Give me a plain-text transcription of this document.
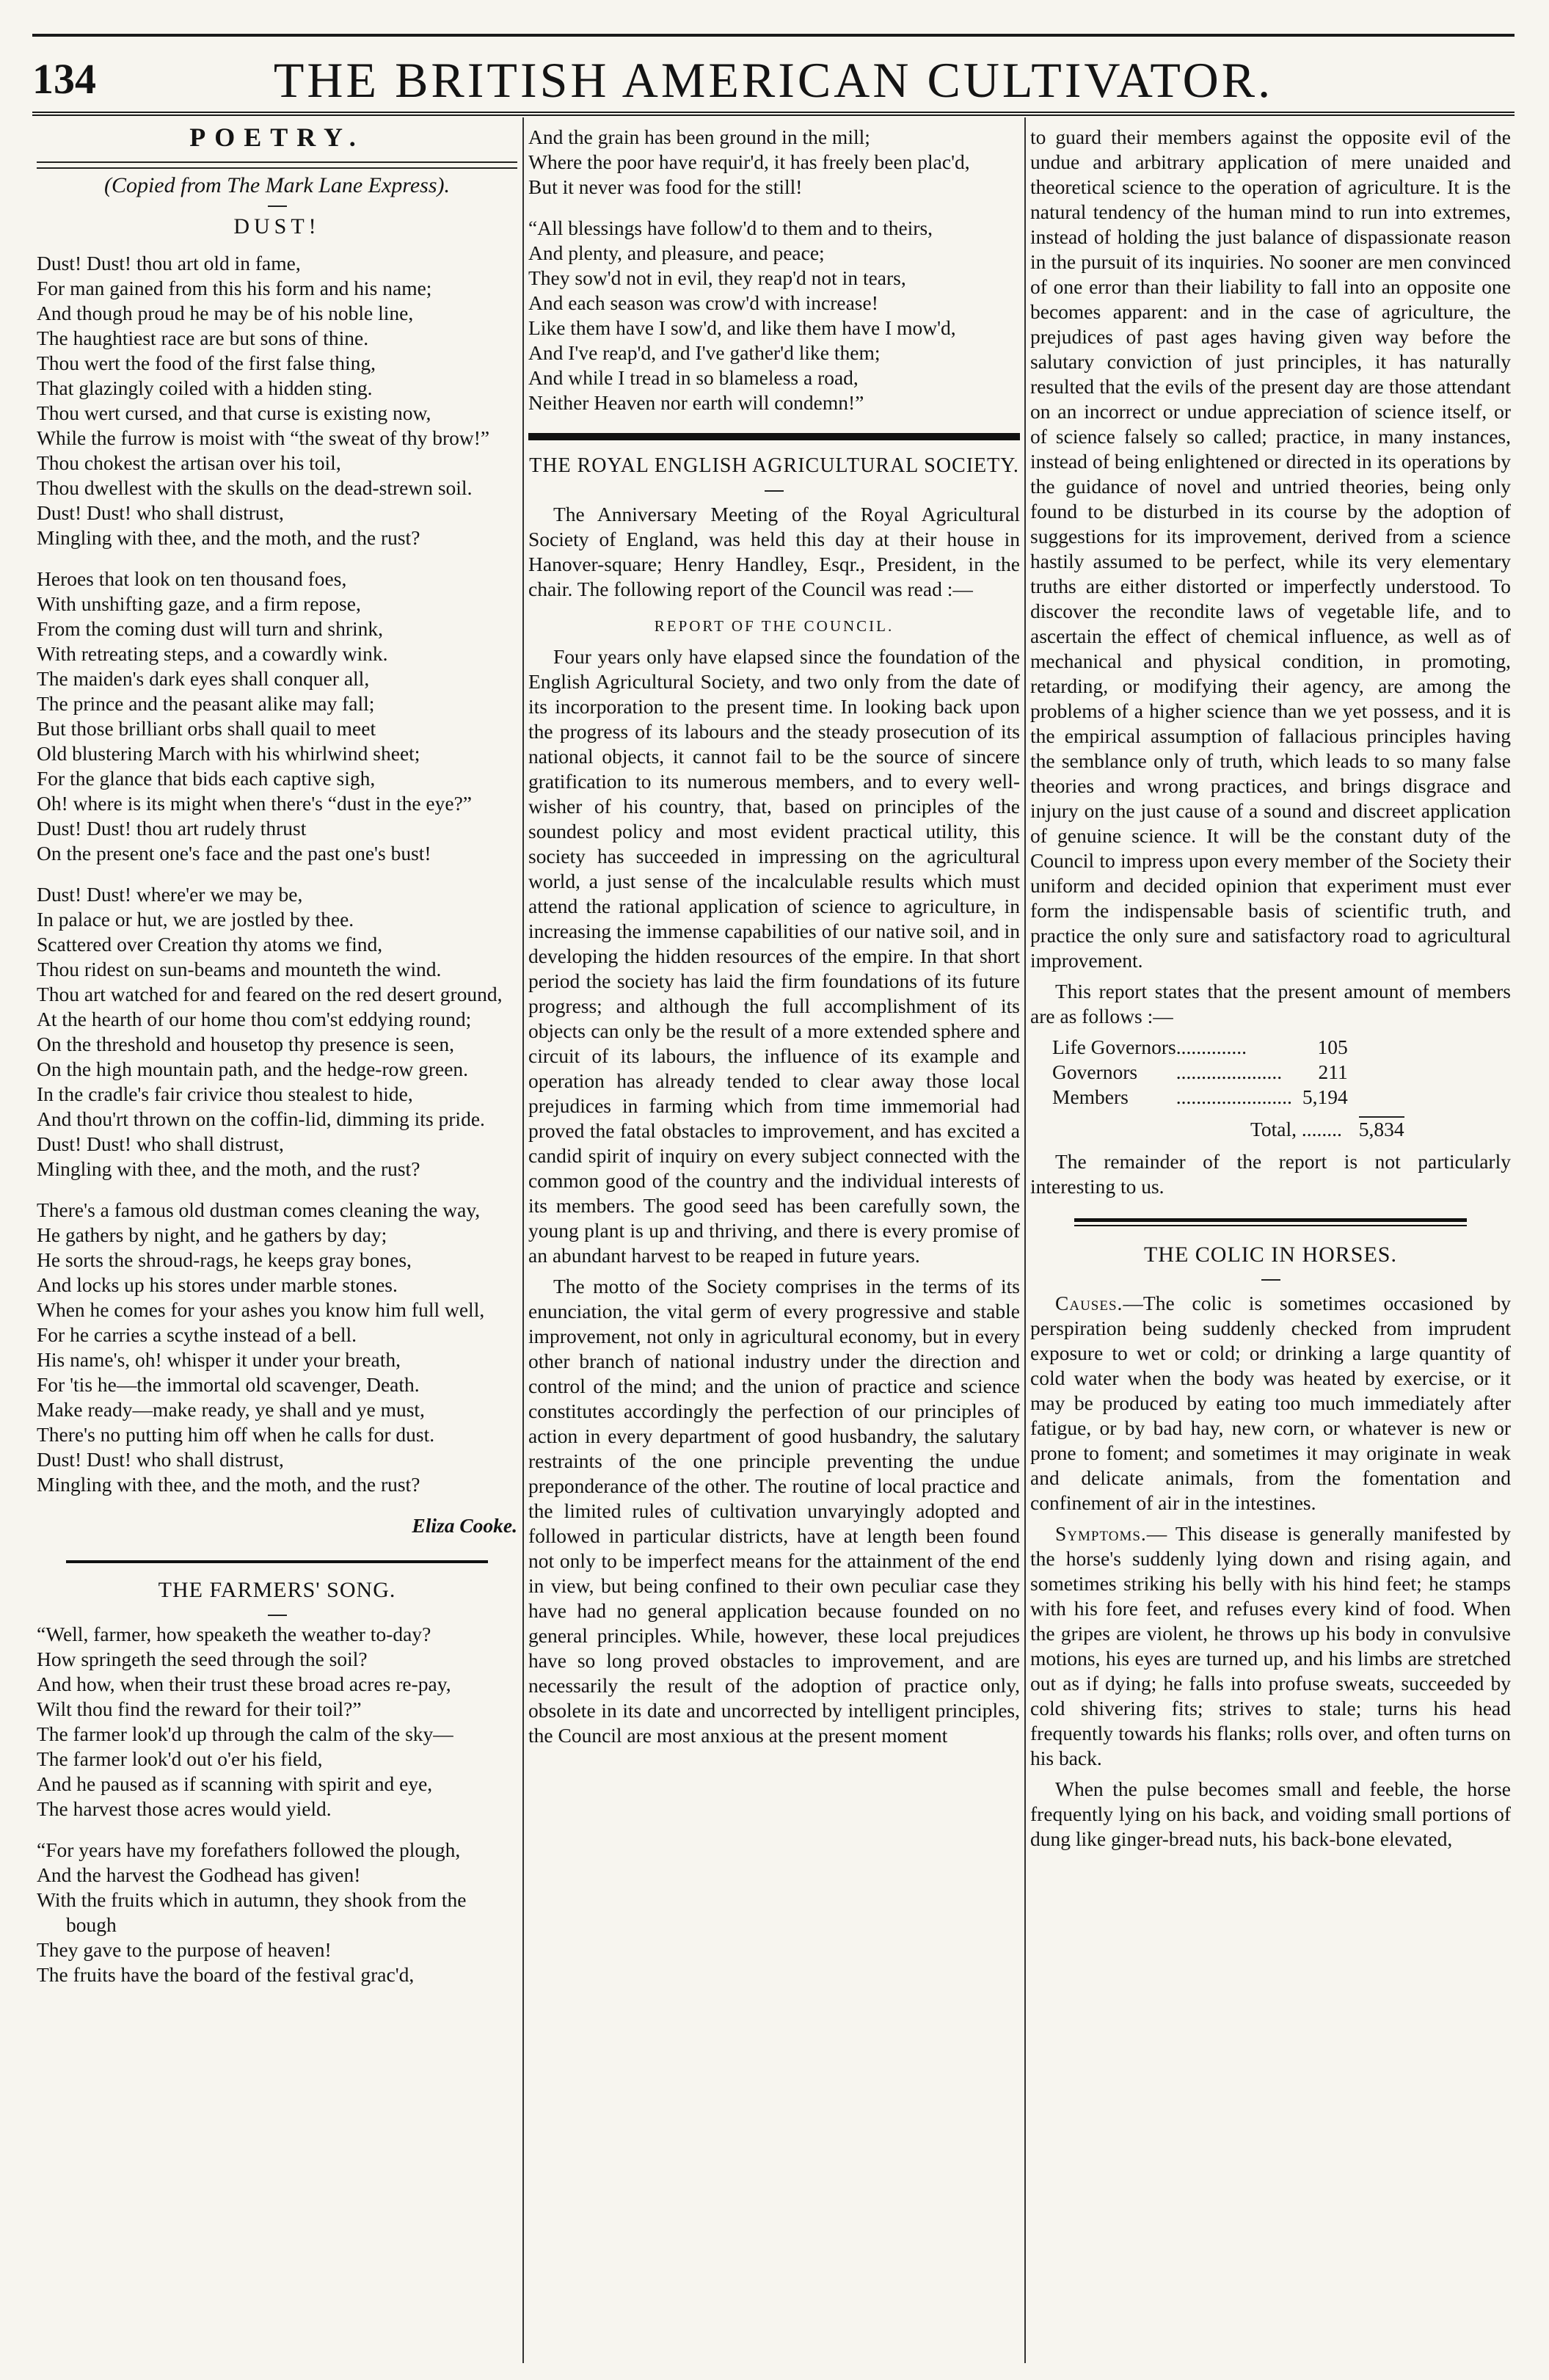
134	THE BRITISH AMERICAN CULTIVATOR.
POETRY.
(Copied from The Mark Lane Express).
DUST!
Dust! Dust! thou art old in fame,
For man gained from this his form and his name;
And though proud he may be of his noble line,
The haughtiest race are but sons of thine.
Thou wert the food of the first false thing,
That glazingly coiled with a hidden sting.
Thou wert cursed, and that curse is existing now,
While the furrow is moist with “the sweat of thy brow!”
Thou chokest the artisan over his toil,
Thou dwellest with the skulls on the dead-strewn soil.
Dust! Dust! who shall distrust,
Mingling with thee, and the moth, and the rust?
Heroes that look on ten thousand foes,
With unshifting gaze, and a firm repose,
From the coming dust will turn and shrink,
With retreating steps, and a cowardly wink.
The maiden's dark eyes shall conquer all,
The prince and the peasant alike may fall;
But those brilliant orbs shall quail to meet
Old blustering March with his whirlwind sheet;
For the glance that bids each captive sigh,
Oh! where is its might when there's “dust in the eye?”
Dust! Dust! thou art rudely thrust
On the present one's face and the past one's bust!
Dust! Dust! where'er we may be,
In palace or hut, we are jostled by thee.
Scattered over Creation thy atoms we find,
Thou ridest on sun-beams and mounteth the wind.
Thou art watched for and feared on the red desert ground,
At the hearth of our home thou com'st eddying round;
On the threshold and housetop thy presence is seen,
On the high mountain path, and the hedge-row green.
In the cradle's fair crivice thou stealest to hide,
And thou'rt thrown on the coffin-lid, dimming its pride.
Dust! Dust! who shall distrust,
Mingling with thee, and the moth, and the rust?
There's a famous old dustman comes cleaning the way,
He gathers by night, and he gathers by day;
He sorts the shroud-rags, he keeps gray bones,
And locks up his stores under marble stones.
When he comes for your ashes you know him full well,
For he carries a scythe instead of a bell.
His name's, oh! whisper it under your breath,
For 'tis he—the immortal old scavenger, Death.
Make ready—make ready, ye shall and ye must,
There's no putting him off when he calls for dust.
Dust! Dust! who shall distrust,
Mingling with thee, and the moth, and the rust?
Eliza Cooke.
THE FARMERS' SONG.
“Well, farmer, how speaketh the weather to-day?
How springeth the seed through the soil?
And how, when their trust these broad acres re-pay,
Wilt thou find the reward for their toil?”
The farmer look'd up through the calm of the sky—
The farmer look'd out o'er his field,
And he paused as if scanning with spirit and eye,
The harvest those acres would yield.
“For years have my forefathers followed the plough,
And the harvest the Godhead has given!
With the fruits which in autumn, they shook from the bough
They gave to the purpose of heaven!
The fruits have the board of the festival grac'd,
And the grain has been ground in the mill;
Where the poor have requir'd, it has freely been plac'd,
But it never was food for the still!
“All blessings have follow'd to them and to theirs,
And plenty, and pleasure, and peace;
They sow'd not in evil, they reap'd not in tears,
And each season was crow'd with increase!
Like them have I sow'd, and like them have I mow'd,
And I've reap'd, and I've gather'd like them;
And while I tread in so blameless a road,
Neither Heaven nor earth will condemn!”
THE ROYAL ENGLISH AGRICULTURAL SOCIETY.

The Anniversary Meeting of the Royal Agricultural Society of England, was held this day at their house in Hanover-square; Henry Handley, Esqr., President, in the chair. The following report of the Council was read :—

REPORT OF THE COUNCIL.

Four years only have elapsed since the foundation of the English Agricultural Society, and two only from the date of its incorporation to the present time. In looking back upon the progress of its labours and the steady prosecution of its national objects, it cannot fail to be the source of sincere gratification to its numerous members, and to every well-wisher of his country, that, based on principles of the soundest policy and most evident practical utility, this society has succeeded in impressing on the agricultural world, a just sense of the incalculable results which must attend the rational application of science to agriculture, in increasing the immense capabilities of our native soil, and in developing the hidden resources of the empire. In that short period the society has laid the firm foundations of its future progress; and although the full accomplishment of its objects can only be the result of a more extended sphere and circuit of its labours, the influence of its example and operation has already tended to clear away those local prejudices in farming which from time immemorial had proved the fatal obstacles to improvement, and has excited a candid spirit of inquiry on every subject connected with the common good of the country and the individual interests of its members. The good seed has been carefully sown, the young plant is up and thriving, and there is every promise of an abundant harvest to be reaped in future years.

The motto of the Society comprises in the terms of its enunciation, the vital germ of every progressive and stable improvement, not only in agricultural economy, but in every other branch of national industry under the direction and control of the mind; and the union of practice and science constitutes accordingly the perfection of our principles of action in every department of good husbandry, the salutary restraints of the one principle preventing the undue preponderance of the other. The routine of local practice and the limited rules of cultivation unvaryingly adopted and followed in particular districts, have at length been found not only to be imperfect means for the attainment of the end in view, but being confined to their own peculiar case they have had no general application because founded on no general principles. While, however, these local prejudices have so long proved obstacles to improvement, and are necessarily the result of the adoption of practice only, obsolete in its date and uncorrected by intelligent principles, the Council are most anxious at the present moment

to guard their members against the opposite evil of the undue and arbitrary application of mere unaided and theoretical science to the operation of agriculture. It is the natural tendency of the human mind to run into extremes, instead of holding the just balance of dispassionate reason in the pursuit of its inquiries. No sooner are men convinced of one error than their liability to fall into an opposite one becomes apparent: and in the case of agriculture, the prejudices of past ages having given way before the salutary conviction of just principles, it has naturally resulted that the evils of the present day are those attendant on an incorrect or undue appreciation of science itself, or of science falsely so called; practice, in many instances, instead of being enlightened or directed in its operations by the guidance of novel and untried theories, being only found to be disturbed in its course by the adoption of suggestions for its improvement, derived from a science hastily assumed to be perfect, while its very elementary truths are either distorted or imperfectly understood. To discover the recondite laws of vegetable life, and to ascertain the effect of chemical influence, as well as of mechanical and physical condition, in promoting, retarding, or modifying their agency, are among the problems of a higher science than we yet possess, and it is the empirical assumption of fallacious principles having the semblance only of truth, which leads to so many false theories and wrong practices, and brings disgrace and injury on the just cause of a sound and discreet application of genuine science. It will be the constant duty of the Council to impress upon every member of the Society their uniform and decided opinion that experiment must ever form the indispensable basis of scientific truth, and practice the only sure and satisfactory road to agricultural improvement.

This report states that the present amount of members are as follows :—

Life Governors	..............	105
Governors	.....................	211
Members	.......................	5,194
Total, ........ 5,834

The remainder of the report is not particularly interesting to us.

THE COLIC IN HORSES.

Causes.—The colic is sometimes occasioned by perspiration being suddenly checked from imprudent exposure to wet or cold; or drinking a large quantity of cold water when the body was heated by exercise, or it may be produced by eating too much immediately after fatigue, or by bad hay, new corn, or whatever is new or prone to foment; and sometimes it may originate in weak and delicate animals, from the fomentation and confinement of air in the intestines.

Symptoms.— This disease is generally manifested by the horse's suddenly lying down and rising again, and sometimes striking his belly with his hind feet; he stamps with his fore feet, and refuses every kind of food. When the gripes are violent, he throws up his body in convulsive motions, his eyes are turned up, and his limbs are stretched out as if dying; he falls into profuse sweats, succeeded by cold shivering fits; strives to stale; turns his head frequently towards his flanks; rolls over, and often turns on his back.

When the pulse becomes small and feeble, the horse frequently lying on his back, and voiding small portions of dung like ginger-bread nuts, his back-bone elevated,
